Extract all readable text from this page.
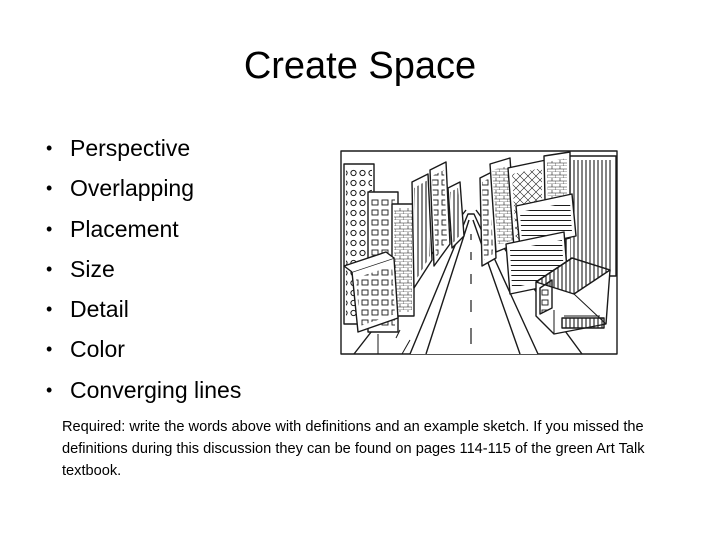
Create Space
• Perspective
• Overlapping
• Placement
• Size
• Detail
• Color
• Converging lines
Required: write the words above with definitions and an example sketch. If you missed the definitions during this discussion they can be found on pages 114-115 of the green Art Talk textbook.
